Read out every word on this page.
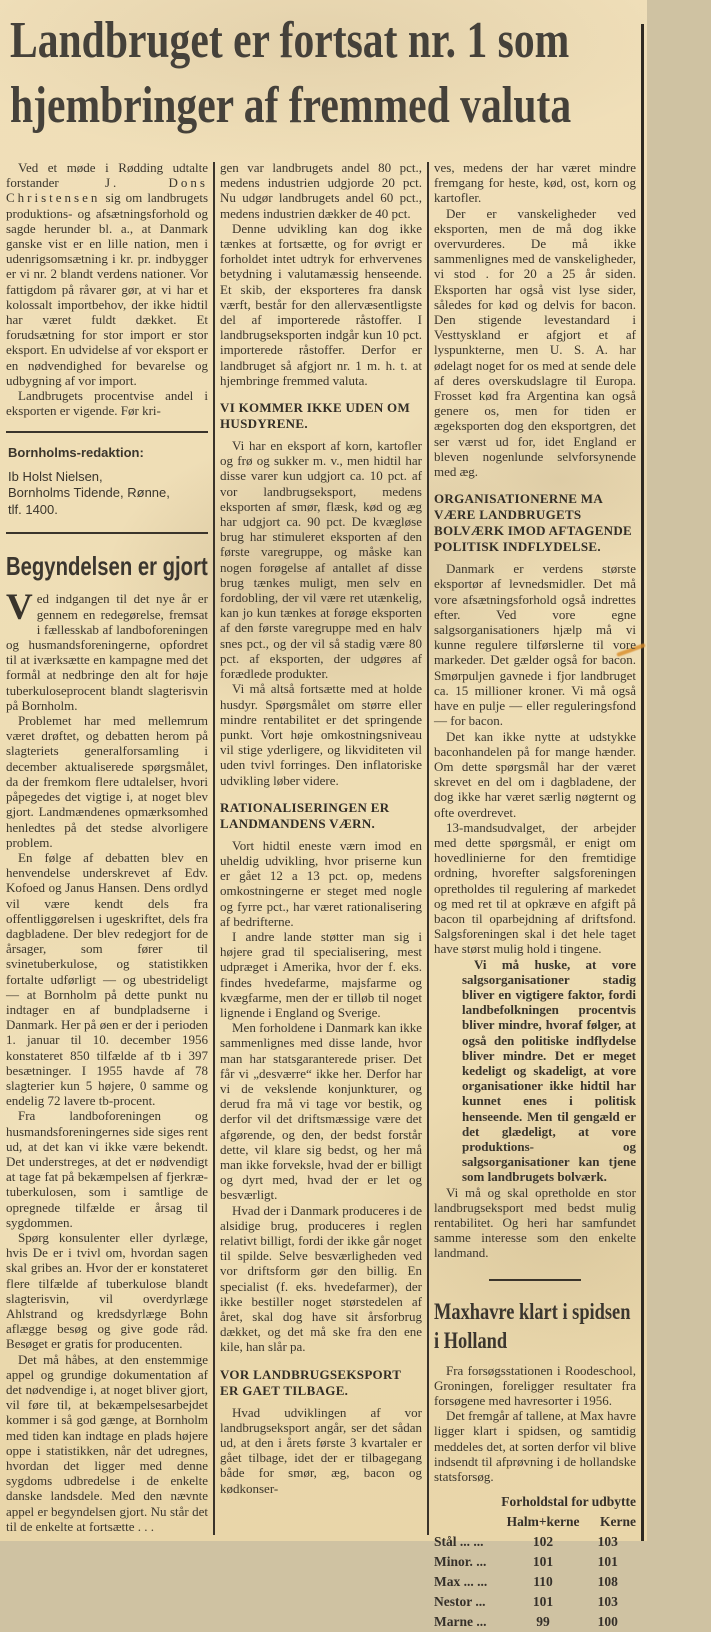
Landbruget er fortsat nr. 1 som
hjembringer af fremmed valuta

Ved et møde i Rødding udtalte forstander	J. Dons Christensen sig om landbrugets produktions- og afsætningsforhold og sagde herunder bl. a., at Danmark ganske vist er en lille nation, men i udenrigsomsætning i kr. pr. indbygger er vi nr. 2 blandt verdens nationer. Vor fattigdom på råvarer gør, at vi har et kolossalt importbehov, der ikke hidtil har været fuldt dækket. Et forudsætning for stor import er stor eksport. En udvidelse af vor eksport er en nødvendighed for bevarelse og udbygning af vor import.

Landbrugets procentvise andel i eksporten er vigende. Før kri-

Bornholms-redaktion:
Ib Holst Nielsen,
Bornholms Tidende, Rønne,
tlf. 1400.
Begyndelsen er gjort

Ved indgangen til det nye år er gennem en redegørelse, fremsat i fællesskab af landboforeningen og husmandsforeningerne, opfordret til at iværksætte en kampagne med det formål at nedbringe den alt for høje tuberkuloseprocent blandt slagterisvin på Bornholm.

Problemet har med mellemrum været drøftet, og debatten herom på slagteriets generalforsamling i december aktualiserede spørgsmålet, da der fremkom flere udtalelser, hvori påpegedes det vigtige i, at noget blev gjort. Landmændenes opmærksomhed henledtes på det stedse alvorligere problem.

En følge af debatten blev en henvendelse underskrevet af Edv. Kofoed og Janus Hansen. Dens ordlyd vil være kendt dels fra offentliggørelsen i ugeskriftet, dels fra dagbladene. Der blev redegjort for de årsager, som fører til svinetuberkulose, og statistikken fortalte udførligt — og ubestrideligt — at Bornholm på dette punkt nu indtager en af bundpladserne i Danmark. Her på øen er der i perioden 1. januar til 10. december 1956 konstateret 850 tilfælde af tb i 397 besætninger. I 1955 havde af 78 slagterier kun 5 højere, 0 samme og endelig 72 lavere tb-procent.

Fra landboforeningen og husmandsforeningernes side siges rent ud, at det kan vi ikke være bekendt. Det understreges, at det er nødvendigt at tage fat på bekæmpelsen af fjerkræ-tuberkulosen, som i samtlige de opregnede tilfælde er årsag til sygdommen.

Spørg konsulenter eller dyrlæge, hvis De er i tvivl om, hvordan sagen skal gribes an. Hvor der er konstateret flere tilfælde af tuberkulose blandt slagterisvin, vil overdyrlæge Ahlstrand og kredsdyrlæge Bohn aflægge besøg og give gode råd. Besøget er gratis for producenten.

Det må håbes, at den enstemmige appel og grundige dokumentation af det nødvendige i, at noget bliver gjort, vil føre til, at bekæmpelsesarbejdet kommer i så god gænge, at Bornholm med tiden kan indtage en plads højere oppe i statistikken, når det udregnes, hvordan det ligger med denne sygdoms udbredelse i de enkelte danske landsdele. Med den nævnte appel er begyndelsen gjort. Nu står det til de enkelte at fortsætte . . .

gen var landbrugets andel 80 pct., medens industrien udgjorde 20 pct. Nu udgør landbrugets andel 60 pct., medens industrien dækker de 40 pct.

Denne udvikling kan dog ikke tænkes at fortsætte, og for øvrigt er forholdet intet udtryk for erhvervenes betydning i valutamæssig henseende. Et skib, der eksporteres fra dansk værft, består for den allervæsentligste del af importerede råstoffer. I landbrugseksporten indgår kun 10 pct. importerede råstoffer. Derfor er landbruget så afgjort nr. 1 m. h. t. at hjembringe fremmed valuta.

VI KOMMER IKKE UDEN OM HUSDYRENE.

Vi har en eksport af korn, kartofler og frø og sukker m. v., men hidtil har disse varer kun udgjort ca. 10 pct. af vor landbrugseksport, medens eksporten af smør, flæsk, kød og æg har udgjort ca. 90 pct. De kvægløse brug har stimuleret eksporten af den første varegruppe, og måske kan nogen forøgelse af antallet af disse brug tænkes muligt, men selv en fordobling, der vil være ret utænkelig, kan jo kun tænkes at forøge eksporten af den første varegruppe med en halv snes pct., og der vil så stadig være 80 pct. af eksporten, der udgøres af forædlede produkter.

Vi må altså fortsætte med at holde husdyr. Spørgsmålet om større eller mindre rentabilitet er det springende punkt. Vort høje omkostningsniveau vil stige yderligere, og likviditeten vil uden tvivl forringes. Den inflatoriske udvikling løber videre.

RATIONALISERINGEN ER LANDMANDENS VÆRN.

Vort hidtil eneste værn imod en uheldig udvikling, hvor priserne kun er gået 12 a 13 pct. op, medens omkostningerne er steget med nogle og fyrre pct., har været rationalisering af bedrifterne.

I andre lande støtter man sig i højere grad til specialisering, mest udpræget i Amerika, hvor der f. eks. findes hvedefarme, majsfarme og kvægfarme, men der er tilløb til noget lignende i England og Sverige.

Men forholdene i Danmark kan ikke sammenlignes med disse lande, hvor man har statsgaranterede priser. Det får vi „desværre“ ikke her. Derfor har vi de vekslende konjunkturer, og derud fra må vi tage vor bestik, og derfor vil det driftsmæssige være det afgørende, og den, der bedst forstår dette, vil klare sig bedst, og her må man ikke forveksle, hvad der er billigt og dyrt med, hvad der er let og besværligt.

Hvad der i Danmark produceres i de alsidige brug, produceres i reglen relativt billigt, fordi der ikke går noget til spilde. Selve besværligheden ved vor driftsform gør den billig. En specialist (f. eks. hvedefarmer), der ikke bestiller noget størstedelen af året, skal dog have sit årsforbrug dækket, og det må ske fra den ene kile, han slår pa.

VOR LANDBRUGSEKSPORT ER GAET TILBAGE.

Hvad udviklingen af vor landbrugseksport angår, ser det sådan ud, at den i årets første 3 kvartaler er gået tilbage, idet der er tilbagegang både for smør, æg, bacon og kødkonser-

ves, medens der har været mindre fremgang for heste, kød, ost, korn og kartofler.

Der er vanskeligheder ved eksporten, men de må dog ikke overvurderes. De må ikke sammenlignes med de vanskeligheder, vi stod . for 20 a 25 år siden. Eksporten har også vist lyse sider, således for kød og delvis for bacon. Den stigende levestandard i Vesttyskland er afgjort et af lyspunkterne, men U. S. A. har ødelagt noget for os med at sende dele af deres overskudslagre til Europa. Frosset kød fra Argentina kan også genere os, men for tiden er ægeksporten dog den eksportgren, det ser værst ud for, idet England er bleven nogenlunde selvforsynende med æg.

ORGANISATIONERNE MA VÆRE LANDBRUGETS BOLVÆRK IMOD AFTAGENDE POLITISK INDFLYDELSE.

Danmark er verdens største eksportør af levnedsmidler. Det må vore afsætningsforhold også indrettes efter. Ved vore egne salgsorganisationers hjælp må vi kunne regulere tilførslerne til vore markeder. Det gælder også for bacon. Smørpuljen gavnede i fjor landbruget ca. 15 millioner kroner. Vi må også have en pulje — eller reguleringsfond — for bacon.

Det kan ikke nytte at udstykke baconhandelen på for mange hænder. Om dette spørgsmål har der været skrevet en del om i dagbladene, der dog ikke har været særlig nøgternt og ofte overdrevet.

13-mandsudvalget, der arbejder med dette spørgsmål, er enigt om hovedlinierne for den fremtidige ordning, hvorefter salgsforeningen opretholdes til regulering af markedet og med ret til at opkræve en afgift på bacon til oparbejdning af driftsfond. Salgsforeningen skal i det hele taget have størst mulig hold i tingene.

Vi må huske, at vore salgsorganisationer stadig bliver en vigtigere faktor, fordi landbefolkningen procentvis bliver mindre, hvoraf følger, at også den politiske indflydelse bliver mindre. Det er meget kedeligt og skadeligt, at vore organisationer ikke hidtil har kunnet enes i politisk henseende. Men til gengæld er det glædeligt, at vore produktions- og salgsorganisationer kan tjene som landbrugets bolværk.

Vi må og skal opretholde en stor landbrugseksport med bedst mulig rentabilitet. Og heri har samfundet samme interesse som den enkelte landmand.

Maxhavre klart i spidsen
i Holland

Fra forsøgsstationen i Roodeschool, Groningen, foreligger resultater fra forsøgene med havresorter i 1956.

Det fremgår af tallene, at Max havre ligger klart i spidsen, og samtidig meddeles det, at sorten derfor vil blive indsendt til afprøvning i de hollandske statsforsøg.

Forholdstal for udbytte		
	Halm+kerne	Kerne
Stål ... ...	102	103
Minor. ...	101	101
Max ... ...	110	108
Nestor ...	101	103
Marne ...	99	100
